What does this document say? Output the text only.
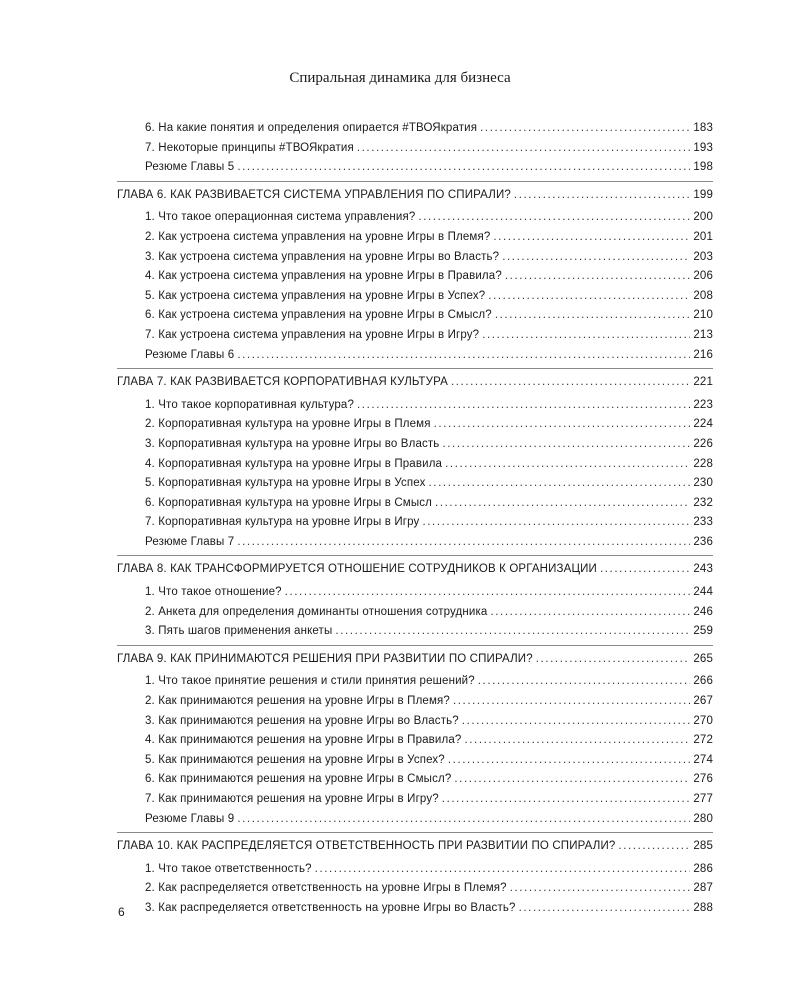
Спиральная динамика для бизнеса
6. На какие понятия и определения опирается #ТВОЯкратия .....	183
7. Некоторые принципы #ТВОЯкратия .....	193
Резюме Главы 5 .....	198
ГЛАВА 6. КАК РАЗВИВАЕТСЯ СИСТЕМА УПРАВЛЕНИЯ ПО СПИРАЛИ? .....	199
1. Что такое операционная система управления? .....	200
2. Как устроена система управления на уровне Игры в Племя? .....	201
3. Как устроена система управления на уровне Игры во Власть? .....	203
4. Как устроена система управления на уровне Игры в Правила? .....	206
5. Как устроена система управления на уровне Игры в Успех? .....	208
6. Как устроена система управления на уровне Игры в Смысл? .....	210
7. Как устроена система управления на уровне Игры в Игру? .....	213
Резюме Главы 6 .....	216
ГЛАВА 7. КАК РАЗВИВАЕТСЯ КОРПОРАТИВНАЯ КУЛЬТУРА .....	221
1. Что такое корпоративная культура? .....	223
2. Корпоративная культура на уровне Игры в Племя .....	224
3. Корпоративная культура на уровне Игры во Власть .....	226
4. Корпоративная культура на уровне Игры в Правила .....	228
5. Корпоративная культура на уровне Игры в Успех .....	230
6. Корпоративная культура на уровне Игры в Смысл .....	232
7. Корпоративная культура на уровне Игры в Игру .....	233
Резюме Главы 7 .....	236
ГЛАВА 8. КАК ТРАНСФОРМИРУЕТСЯ ОТНОШЕНИЕ СОТРУДНИКОВ К ОРГАНИЗАЦИИ .....	243
1. Что такое отношение? .....	244
2. Анкета для определения доминанты отношения сотрудника .....	246
3. Пять шагов применения анкеты .....	259
ГЛАВА 9. КАК ПРИНИМАЮТСЯ РЕШЕНИЯ ПРИ РАЗВИТИИ ПО СПИРАЛИ? .....	265
1. Что такое принятие решения и стили принятия решений? .....	266
2. Как принимаются решения на уровне Игры в Племя? .....	267
3. Как принимаются решения на уровне Игры во Власть? .....	270
4. Как принимаются решения на уровне Игры в Правила? .....	272
5. Как принимаются решения на уровне Игры в Успех? .....	274
6. Как принимаются решения на уровне Игры в Смысл? .....	276
7. Как принимаются решения на уровне Игры в Игру? .....	277
Резюме Главы 9 .....	280
ГЛАВА 10. КАК РАСПРЕДЕЛЯЕТСЯ ОТВЕТСТВЕННОСТЬ ПРИ РАЗВИТИИ ПО СПИРАЛИ? .....	285
1. Что такое ответственность? .....	286
2. Как распределяется ответственность на уровне Игры в Племя? .....	287
3. Как распределяется ответственность на уровне Игры во Власть? .....	288
6
